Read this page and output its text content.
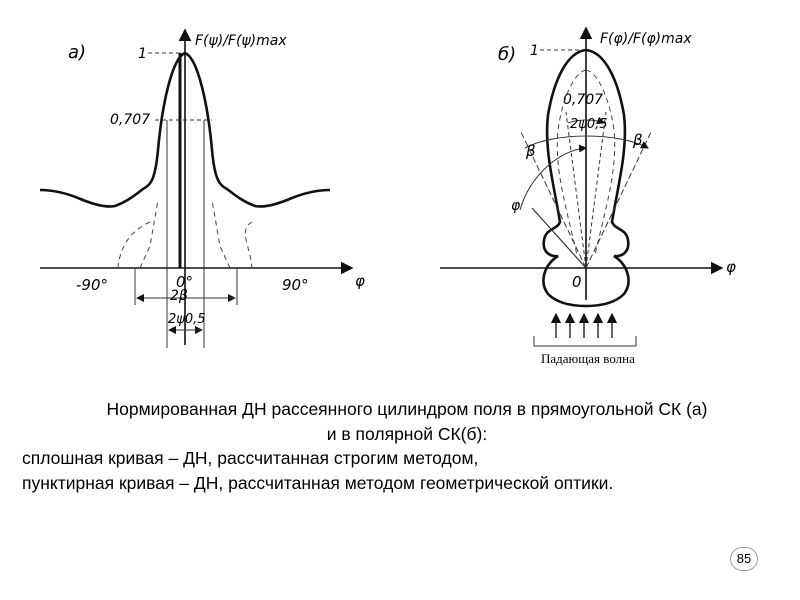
а)
F(ψ)/F(ψ)max
φ
1
0,707
-90°	0°	90°
2β
2ψ0,5
б)
F(φ)/F(φ)max
φ
1
0,707
2ψ0,5
β
β
φ
0
Падающая волна
Нормированная ДН рассеянного цилиндром поля в прямоугольной СК (а)
и в полярной СК(б):
сплошная кривая – ДН, рассчитанная строгим методом,
пунктирная кривая – ДН, рассчитанная методом геометрической оптики.
85
